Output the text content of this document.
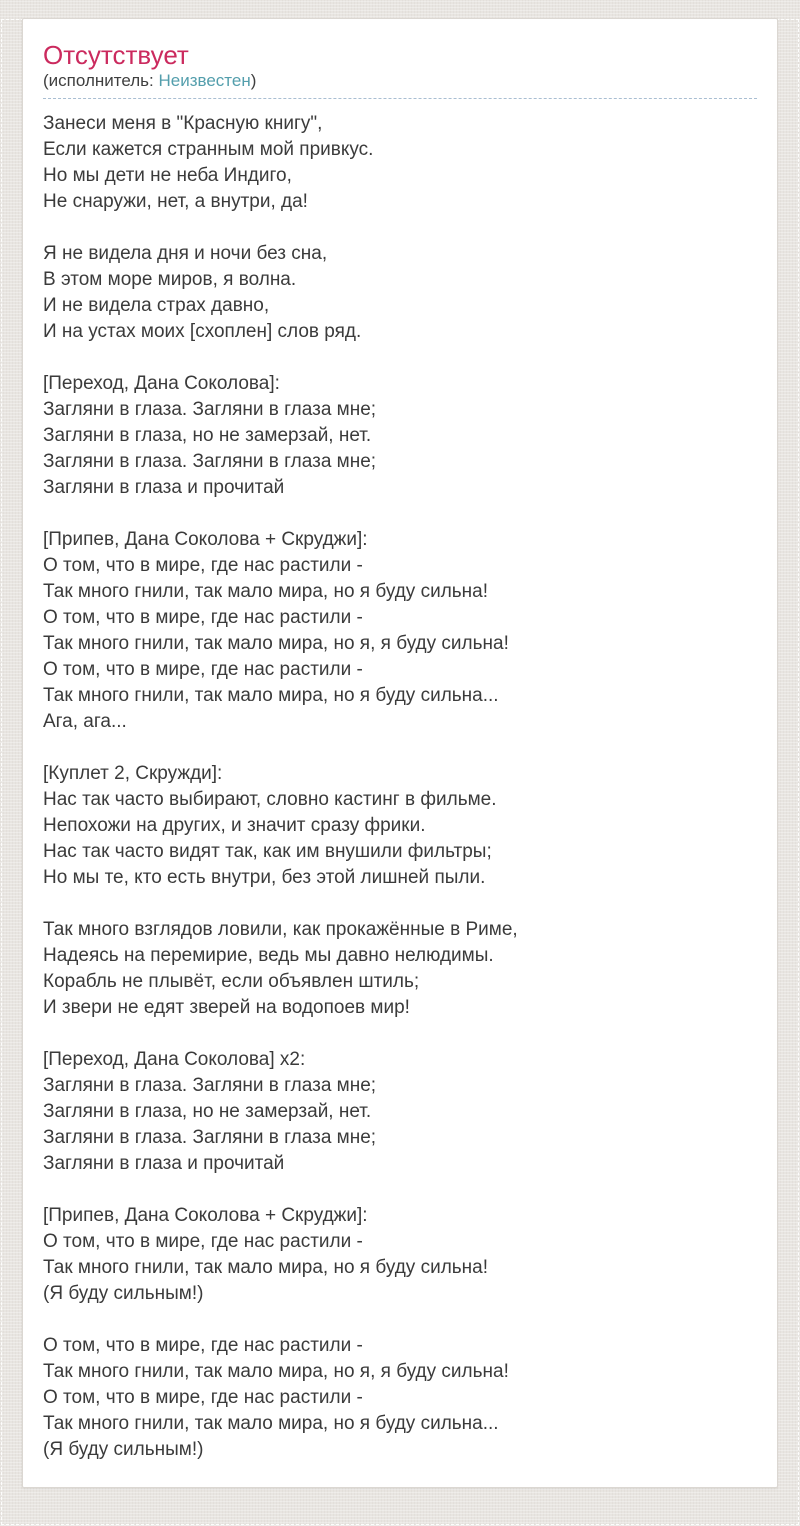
Отсутствует
(исполнитель: Неизвестен)

Занеси меня в "Красную книгу",
Если кажется странным мой привкус.
Но мы дети не неба Индиго,
Не снаружи, нет, а внутри, да!

Я не видела дня и ночи без сна,
В этом море миров, я волна.
И не видела страх давно,
И на устах моих [схоплен] слов ряд.

[Переход, Дана Соколова]:
Загляни в глаза. Загляни в глаза мне;
Загляни в глаза, но не замерзай, нет.
Загляни в глаза. Загляни в глаза мне;
Загляни в глаза и прочитай

[Припев, Дана Соколова + Скруджи]:
О том, что в мире, где нас растили -
Так много гнили, так мало мира, но я буду сильна!
О том, что в мире, где нас растили -
Так много гнили, так мало мира, но я, я буду сильна!
О том, что в мире, где нас растили -
Так много гнили, так мало мира, но я буду сильна...
Ага, ага...

[Куплет 2, Скружди]:
Нас так часто выбирают, словно кастинг в фильме.
Непохожи на других, и значит сразу фрики.
Нас так часто видят так, как им внушили фильтры;
Но мы те, кто есть внутри, без этой лишней пыли.

Так много взглядов ловили, как прокажённые в Риме,
Надеясь на перемирие, ведь мы давно нелюдимы.
Корабль не плывёт, если объявлен штиль;
И звери не едят зверей на водопоев мир!

[Переход, Дана Соколова] x2:
Загляни в глаза. Загляни в глаза мне;
Загляни в глаза, но не замерзай, нет.
Загляни в глаза. Загляни в глаза мне;
Загляни в глаза и прочитай

[Припев, Дана Соколова + Скруджи]:
О том, что в мире, где нас растили -
Так много гнили, так мало мира, но я буду сильна!
(Я буду сильным!)

О том, что в мире, где нас растили -
Так много гнили, так мало мира, но я, я буду сильна!
О том, что в мире, где нас растили -
Так много гнили, так мало мира, но я буду сильна...
(Я буду сильным!)
